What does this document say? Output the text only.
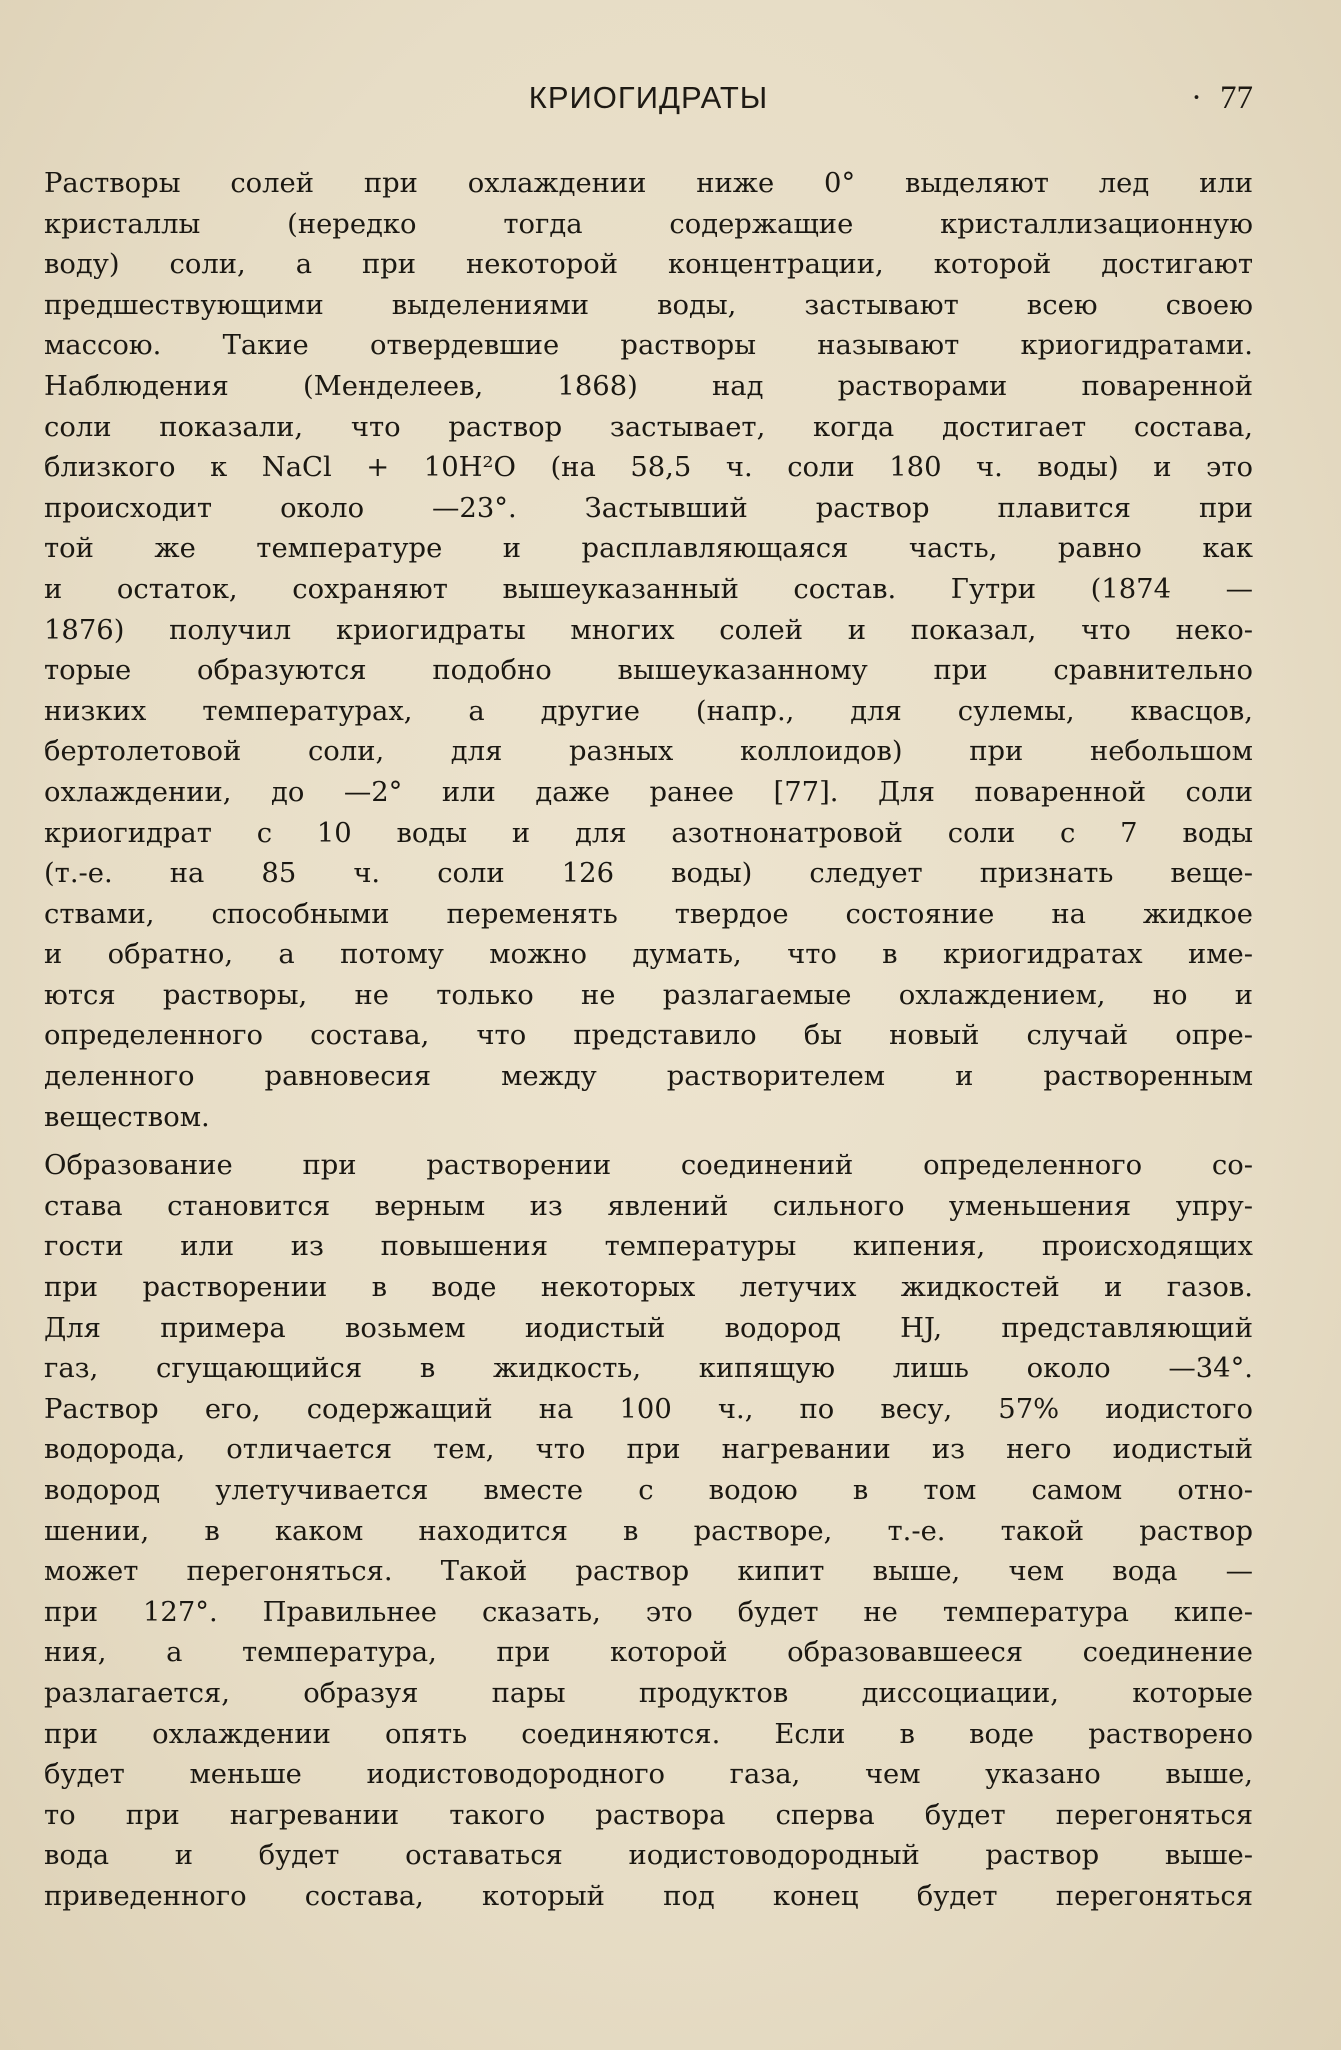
КРИОГИДРАТЫ	· 77

Растворы солей при охлаждении ниже 0° выделяют лед или
кристаллы (нередко тогда содержащие кристаллизационную
воду) соли, а при некоторой концентрации, которой достигают
предшествующими выделениями воды, застывают всею своею
массою. Такие отвердевшие растворы называют криогидратами.
Наблюдения (Менделеев, 1868) над растворами поваренной
соли показали, что раствор застывает, когда достигает состава,
близкого к NaCl + 10H²O (на 58,5 ч. соли 180 ч. воды) и это
происходит около —23°. Застывший раствор плавится при
той же температуре и расплавляющаяся часть, равно как
и остаток, сохраняют вышеуказанный состав. Гутри (1874 —
1876) получил криогидраты многих солей и показал, что неко-
торые образуются подобно вышеуказанному при сравнительно
низких температурах, а другие (напр., для сулемы, квасцов,
бертолетовой соли, для разных коллоидов) при небольшом
охлаждении, до —2° или даже ранее [77]. Для поваренной соли
криогидрат с 10 воды и для азотнонатровой соли с 7 воды
(т.-е. на 85 ч. соли 126 воды) следует признать веще-
ствами, способными переменять твердое состояние на жидкое
и обратно, а потому можно думать, что в криогидратах име-
ются растворы, не только не разлагаемые охлаждением, но и
определенного состава, что представило бы новый случай опре-
деленного равновесия между растворителем и растворенным
веществом.

Образование при растворении соединений определенного со-
става становится верным из явлений сильного уменьшения упру-
гости или из повышения температуры кипения, происходящих
при растворении в воде некоторых летучих жидкостей и газов.
Для примера возьмем иодистый водород HJ, представляющий
газ, сгущающийся в жидкость, кипящую лишь около —34°.
Раствор его, содержащий на 100 ч., по весу, 57% иодистого
водорода, отличается тем, что при нагревании из него иодистый
водород улетучивается вместе с водою в том самом отно-
шении, в каком находится в растворе, т.-е. такой раствор
может перегоняться. Такой раствор кипит выше, чем вода —
при 127°. Правильнее сказать, это будет не температура кипе-
ния, а температура, при которой образовавшееся соединение
разлагается, образуя пары продуктов диссоциации, которые
при охлаждении опять соединяются. Если в воде растворено
будет меньше иодистоводородного газа, чем указано выше,
то при нагревании такого раствора сперва будет перегоняться
вода и будет оставаться иодистоводородный раствор выше-
приведенного состава, который под конец будет перегоняться
